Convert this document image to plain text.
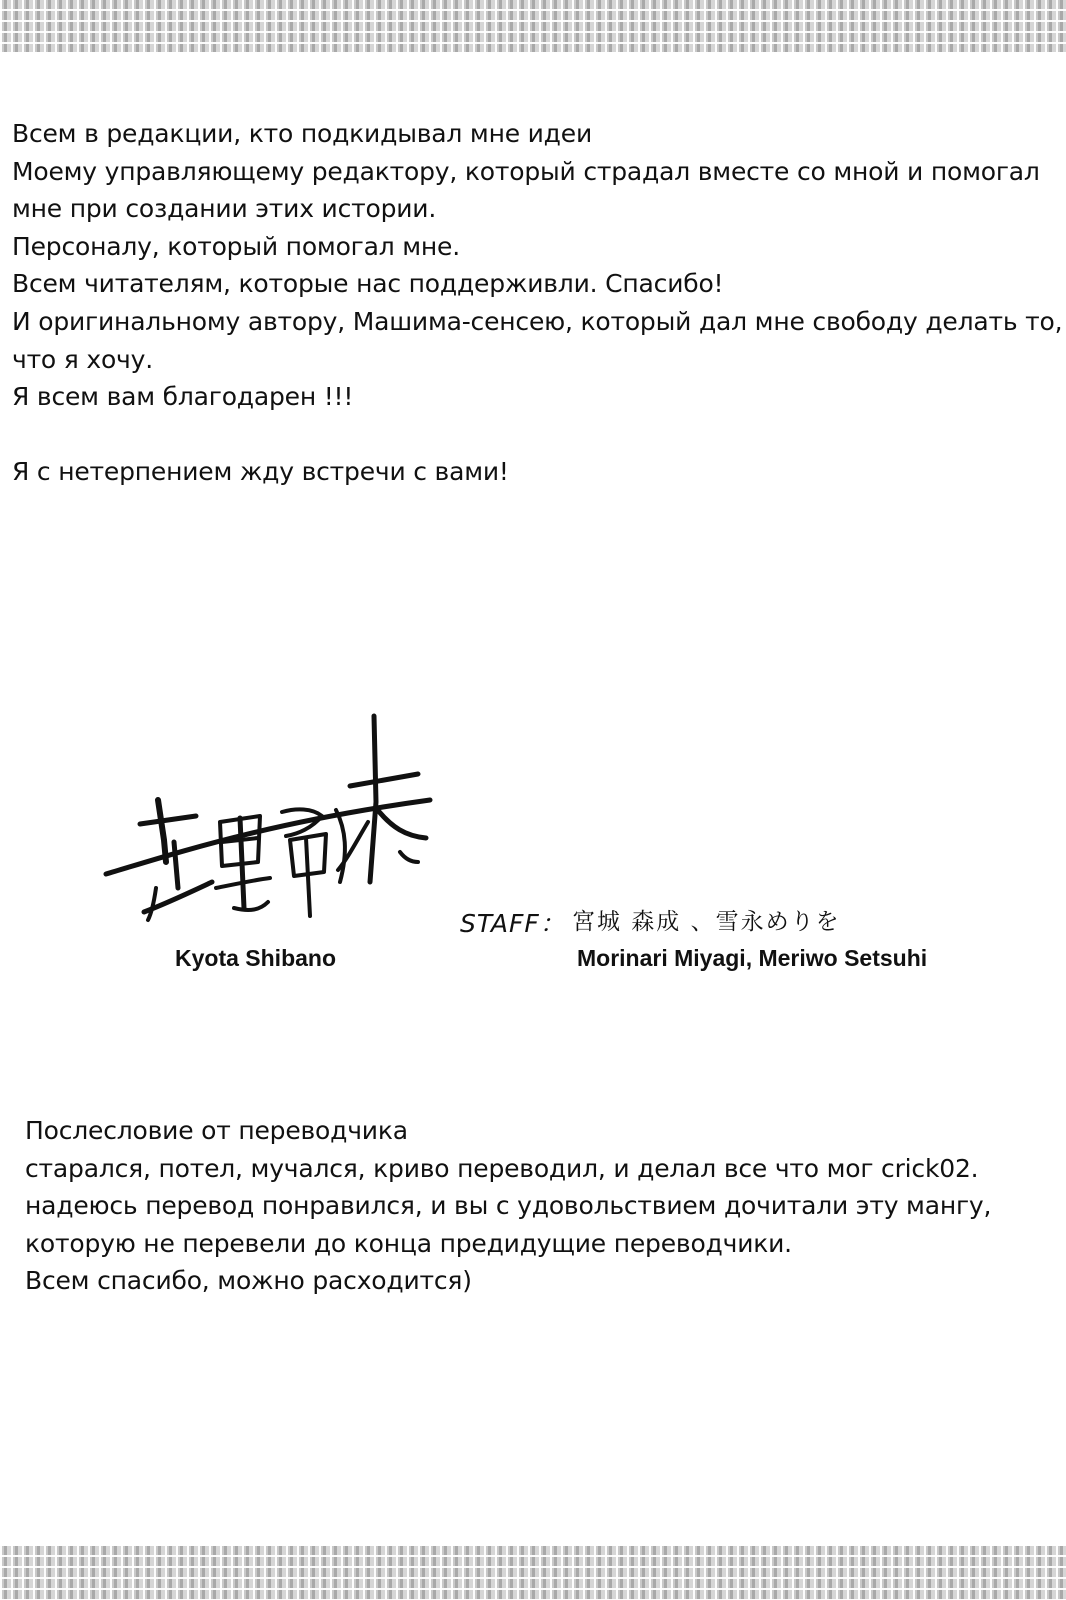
Всем в редакции, кто подкидывал мне идеи
Моему управляющему редактору, который страдал вместе со мной и помогал
мне при создании этих истории.
Персоналу, который помогал мне.
Всем читателям, которые нас поддерживли. Спасибо!
И оригинальному автору, Машима-сенсею, который дал мне свободу делать то,
что я хочу.
Я всем вам благодарен !!!
Я с нетерпением жду встречи с вами!
Kyota Shibano
STAFF： 宮城 森成 、雪永めりを
Morinari Miyagi, Meriwo Setsuhi
Послесловие от переводчика
старался, потел, мучался, криво переводил, и делал все что мог crick02.
надеюсь перевод понравился, и вы с удовольствием дочитали эту мангу,
которую не перевели до конца предидущие переводчики.
Всем спасибо, можно расходится)
